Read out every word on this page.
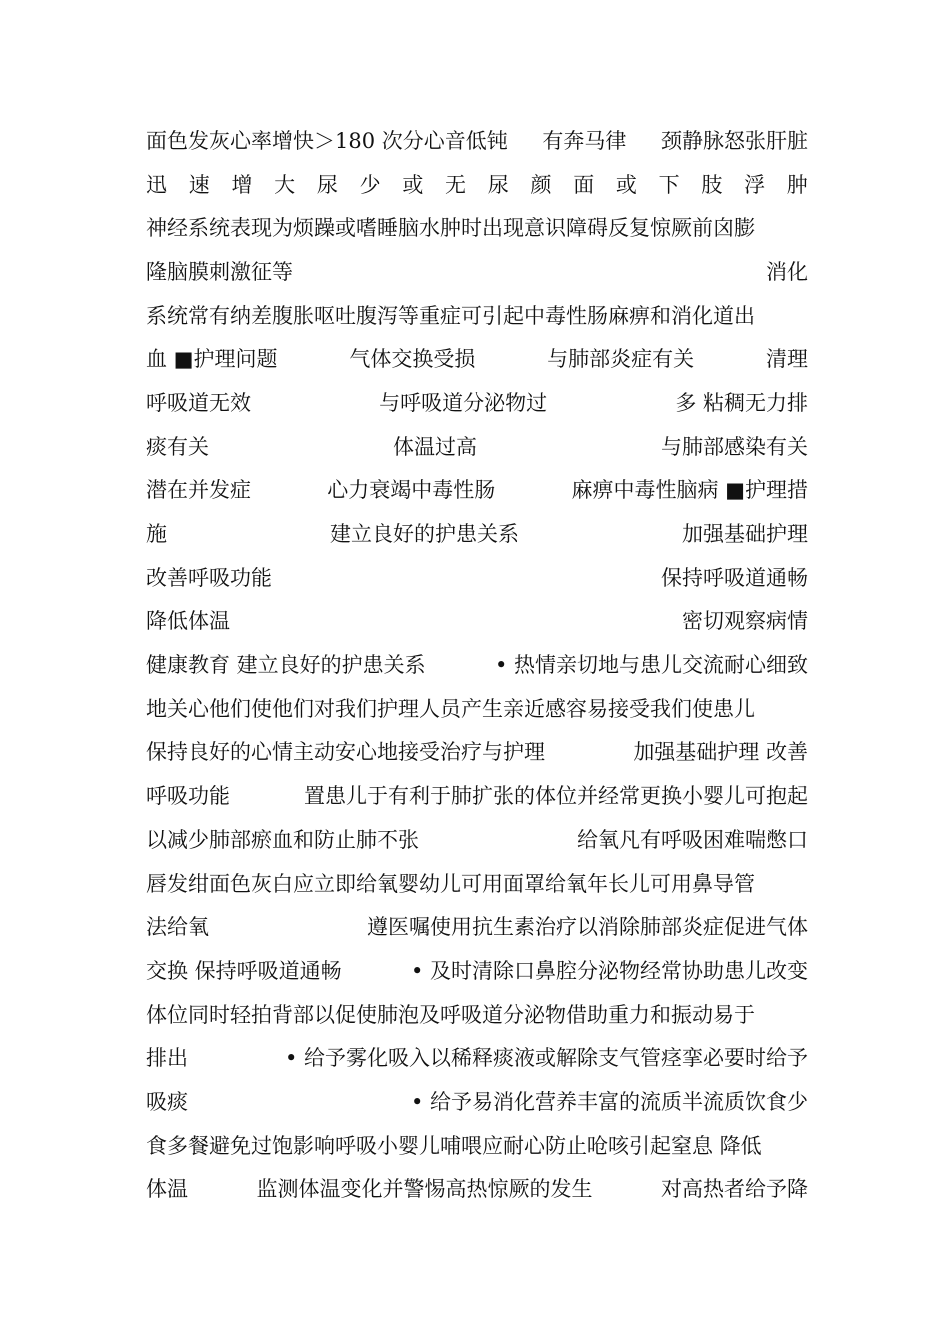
面色发灰心率增快＞180 次分心音低钝 有奔马律 颈静脉怒张肝脏
迅 速 增 大 尿 少 或 无 尿 颜 面 或 下 肢 浮 肿
神经系统表现为烦躁或嗜睡脑水肿时出现意识障碍反复惊厥前囟膨
隆脑膜刺激征等	消化
系统常有纳差腹胀呕吐腹泻等重症可引起中毒性肠麻痹和消化道出
血 ■护理问题	气体交换受损	与肺部炎症有关	清理
呼吸道无效	与呼吸道分泌物过	多 粘稠无力排
痰有关	体温过高	与肺部感染有关
潜在并发症	心力衰竭中毒性肠	麻痹中毒性脑病 ■护理措
施	建立良好的护患关系	加强基础护理
改善呼吸功能	保持呼吸道通畅
降低体温	密切观察病情
健康教育 建立良好的护患关系	• 热情亲切地与患儿交流耐心细致
地关心他们使他们对我们护理人员产生亲近感容易接受我们使患儿
保持良好的心情主动安心地接受治疗与护理	加强基础护理 改善
呼吸功能	置患儿于有利于肺扩张的体位并经常更换小婴儿可抱起
以减少肺部瘀血和防止肺不张	给氧凡有呼吸困难喘憋口
唇发绀面色灰白应立即给氧婴幼儿可用面罩给氧年长儿可用鼻导管
法给氧	遵医嘱使用抗生素治疗以消除肺部炎症促进气体
交换 保持呼吸道通畅	• 及时清除口鼻腔分泌物经常协助患儿改变
体位同时轻拍背部以促使肺泡及呼吸道分泌物借助重力和振动易于
排出	• 给予雾化吸入以稀释痰液或解除支气管痉挛必要时给予
吸痰	• 给予易消化营养丰富的流质半流质饮食少
食多餐避免过饱影响呼吸小婴儿哺喂应耐心防止呛咳引起窒息 降低
体温	监测体温变化并警惕高热惊厥的发生	对高热者给予降
